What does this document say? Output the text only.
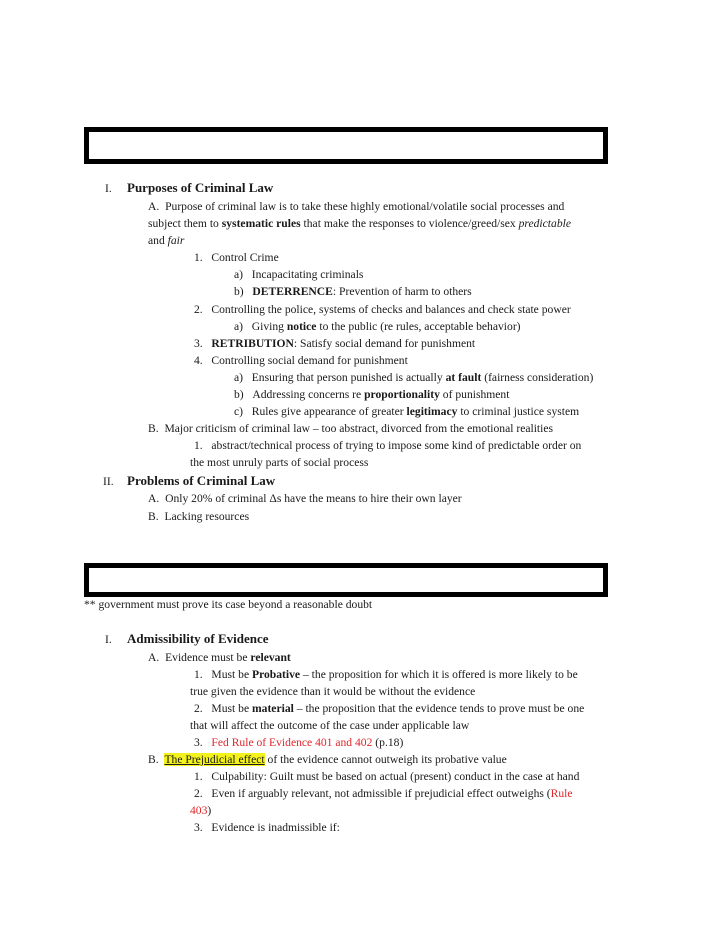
I. Purposes of Criminal Law
A. Purpose of criminal law is to take these highly emotional/volatile social processes and
subject them to systematic rules that make the responses to violence/greed/sex predictable
and fair
1. Control Crime
a) Incapacitating criminals
b) DETERRENCE: Prevention of harm to others
2. Controlling the police, systems of checks and balances and check state power
a) Giving notice to the public (re rules, acceptable behavior)
3. RETRIBUTION: Satisfy social demand for punishment
4. Controlling social demand for punishment
a) Ensuring that person punished is actually at fault (fairness consideration)
b) Addressing concerns re proportionality of punishment
c) Rules give appearance of greater legitimacy to criminal justice system
B. Major criticism of criminal law – too abstract, divorced from the emotional realities
1. abstract/technical process of trying to impose some kind of predictable order on
the most unruly parts of social process
II. Problems of Criminal Law
A. Only 20% of criminal Δs have the means to hire their own layer
B. Lacking resources
** government must prove its case beyond a reasonable doubt
I. Admissibility of Evidence
A. Evidence must be relevant
1. Must be Probative – the proposition for which it is offered is more likely to be
true given the evidence than it would be without the evidence
2. Must be material – the proposition that the evidence tends to prove must be one
that will affect the outcome of the case under applicable law
3. Fed Rule of Evidence 401 and 402 (p.18)
B. The Prejudicial effect of the evidence cannot outweigh its probative value
1. Culpability: Guilt must be based on actual (present) conduct in the case at hand
2. Even if arguably relevant, not admissible if prejudicial effect outweighs (Rule
403)
3. Evidence is inadmissible if:
